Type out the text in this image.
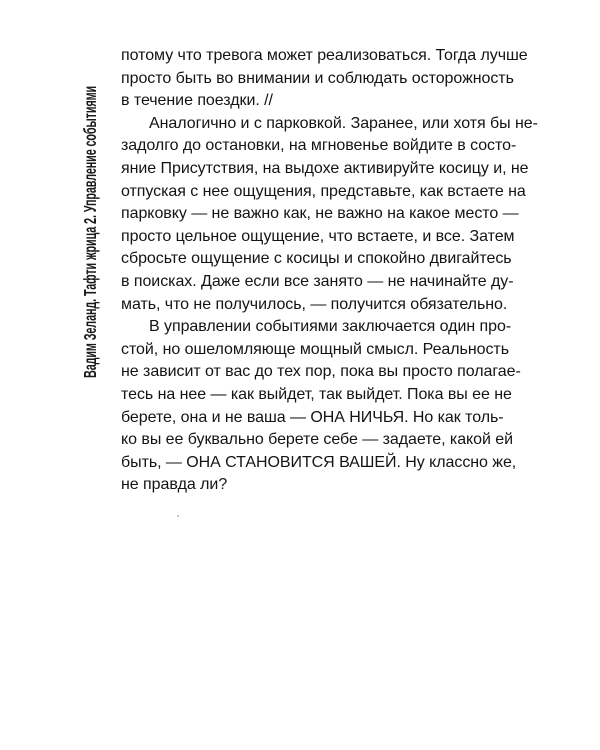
Вадим Зеланд. Тафти жрица 2. Управление событиями

потому что тревога может реализоваться. Тогда лучше
просто быть во внимании и соблюдать осторожность
в течение поездки. //

Аналогично и с парковкой. Заранее, или хотя бы не-
задолго до остановки, на мгновенье войдите в состо-
яние Присутствия, на выдохе активируйте косицу и, не
отпуская с нее ощущения, представьте, как встаете на
парковку — не важно как, не важно на какое место —
просто цельное ощущение, что встаете, и все. Затем
сбросьте ощущение с косицы и спокойно двигайтесь
в поисках. Даже если все занято — не начинайте ду-
мать, что не получилось, — получится обязательно.

В управлении событиями заключается один про-
стой, но ошеломляюще мощный смысл. Реальность
не зависит от вас до тех пор, пока вы просто полагае-
тесь на нее — как выйдет, так выйдет. Пока вы ее не
берете, она и не ваша — ОНА НИЧЬЯ. Но как толь-
ко вы ее буквально берете себе — задаете, какой ей
быть, — ОНА СТАНОВИТСЯ ВАШЕЙ. Ну классно же,
не правда ли?
